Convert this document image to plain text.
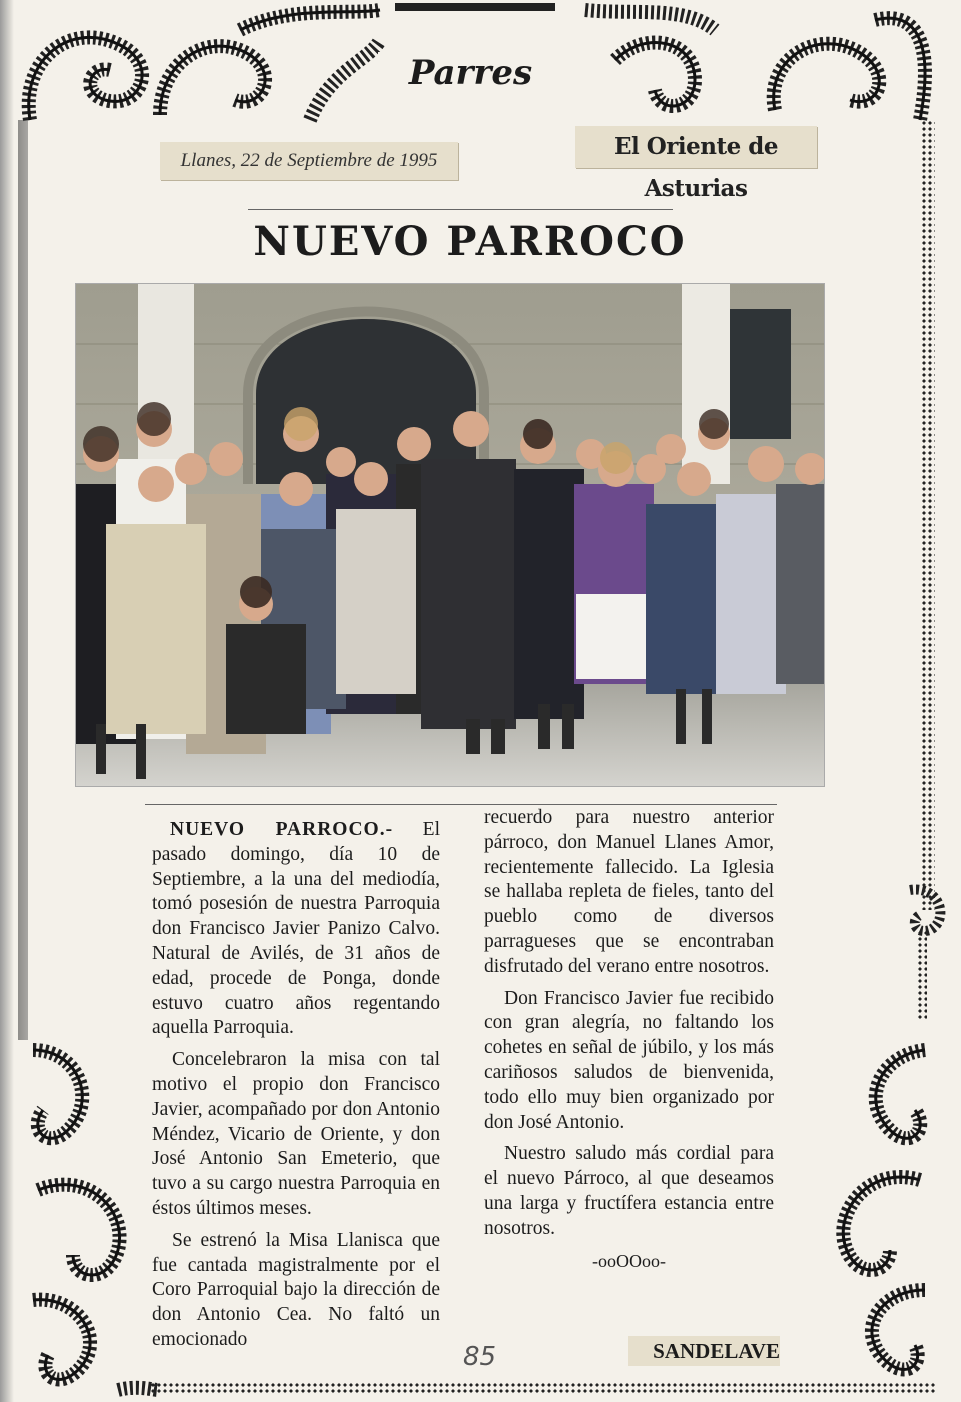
Parres
Llanes, 22 de Septiembre de 1995
El Oriente de Asturias
NUEVO PARROCO

NUEVO PARROCO.- El pasado domingo, día 10 de Septiembre, a la una del mediodía, tomó posesión de nuestra Parroquia don Francisco Javier Panizo Calvo. Natural de Avilés, de 31 años de edad, procede de Ponga, donde estuvo cuatro años regentando aquella Parroquia.

Concelebraron la misa con tal motivo el propio don Francisco Javier, acompañado por don Antonio Méndez, Vicario de Oriente, y don José Antonio San Emeterio, que tuvo a su cargo nuestra Parroquia en éstos últimos meses.

Se estrenó la Misa Llanisca que fue cantada magistralmente por el Coro Parroquial bajo la dirección de don Antonio Cea. No faltó un emocionado

recuerdo para nuestro anterior párroco, don Manuel Llanes Amor, recientemente fallecido. La Iglesia se hallaba repleta de fieles, tanto del pueblo como de diversos parragueses que se encontraban disfrutado del verano entre nosotros.

Don Francisco Javier fue recibido con gran alegría, no faltando los cohetes en señal de júbilo, y los más cariñosos saludos de bienvenida, todo ello muy bien organizado por don José Antonio.

Nuestro saludo más cordial para el nuevo Párroco, al que deseamos una larga y fructífera estancia entre nosotros.

-ooOOoo-
85	SANDELAVE
